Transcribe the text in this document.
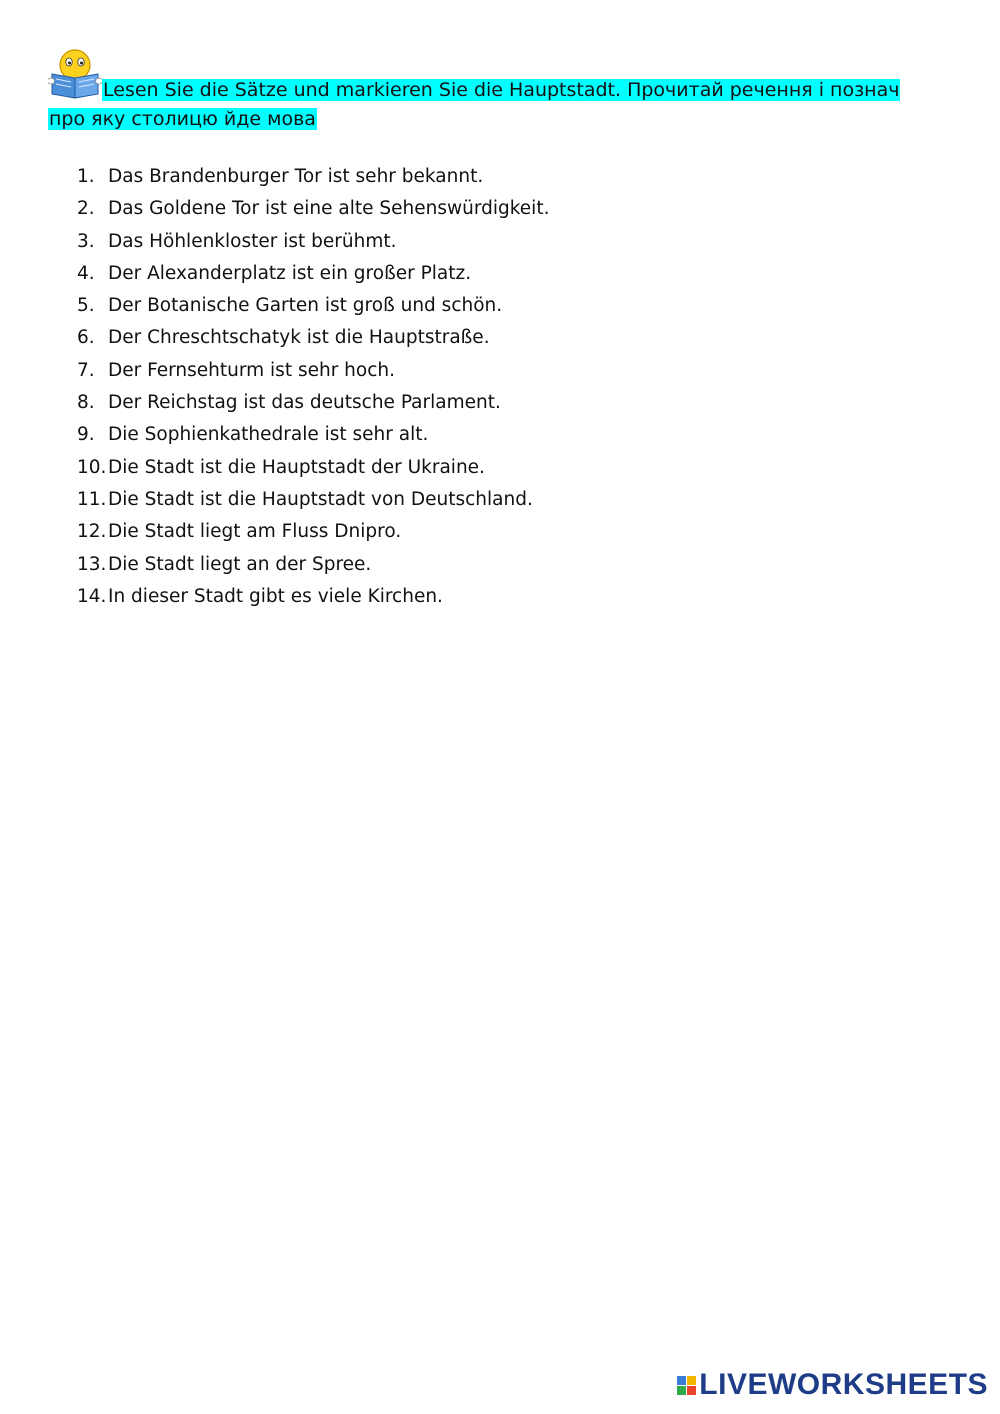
Lesen Sie die Sätze und markieren Sie die Hauptstadt. Прочитай речення і познач про яку столицю йде мова
1. Das Brandenburger Tor ist sehr bekannt.
2. Das Goldene Tor ist eine alte Sehenswürdigkeit.
3. Das Höhlenkloster ist berühmt.
4. Der Alexanderplatz ist ein großer Platz.
5. Der Botanische Garten ist groß und schön.
6. Der Chreschtschatyk ist die Hauptstraße.
7. Der Fernsehturm ist sehr hoch.
8. Der Reichstag ist das deutsche Parlament.
9. Die Sophienkathedrale ist sehr alt.
10. Die Stadt ist die Hauptstadt der Ukraine.
11. Die Stadt ist die Hauptstadt von Deutschland.
12. Die Stadt liegt am Fluss Dnipro.
13. Die Stadt liegt an der Spree.
14. In dieser Stadt gibt es viele Kirchen.
LIVEWORKSHEETS
